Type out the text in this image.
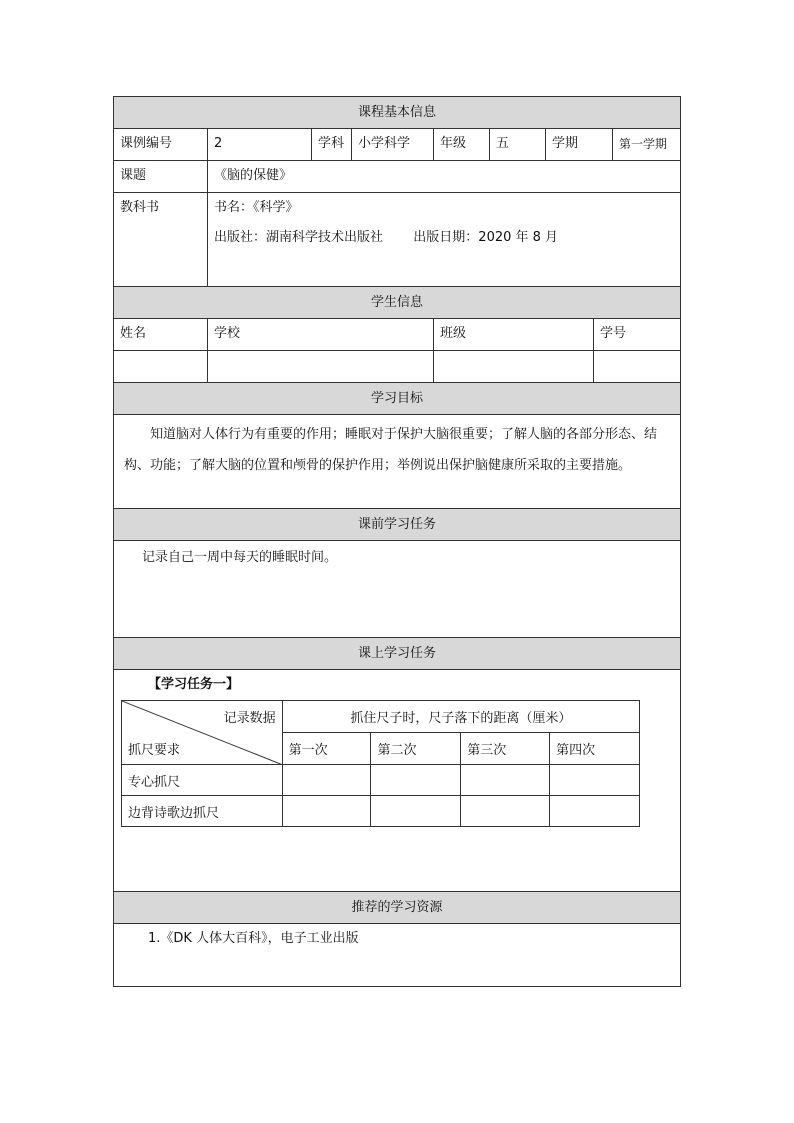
课程基本信息
课例编号	2	学科	小学科学	年级	五	学期	第一学期
课题	《脑的保健》
教科书	书名：《科学》
出版社：湖南科学技术出版社 出版日期：2020 年 8 月
学生信息
姓名	学校	班级	学号
学习目标
知道脑对人体行为有重要的作用；睡眠对于保护大脑很重要；了解人脑的各部分形态、结构、功能；了解大脑的位置和颅骨的保护作用；举例说出保护脑健康所采取的主要措施。
课前学习任务
记录自己一周中每天的睡眠时间。
课上学习任务
【学习任务一】
记录数据
抓尺要求	抓住尺子时，尺子落下的距离（厘米）			
	第一次	第二次	第三次	第四次
专心抓尺				
边背诗歌边抓尺				
推荐的学习资源
1.《DK 人体大百科》，电子工业出版
